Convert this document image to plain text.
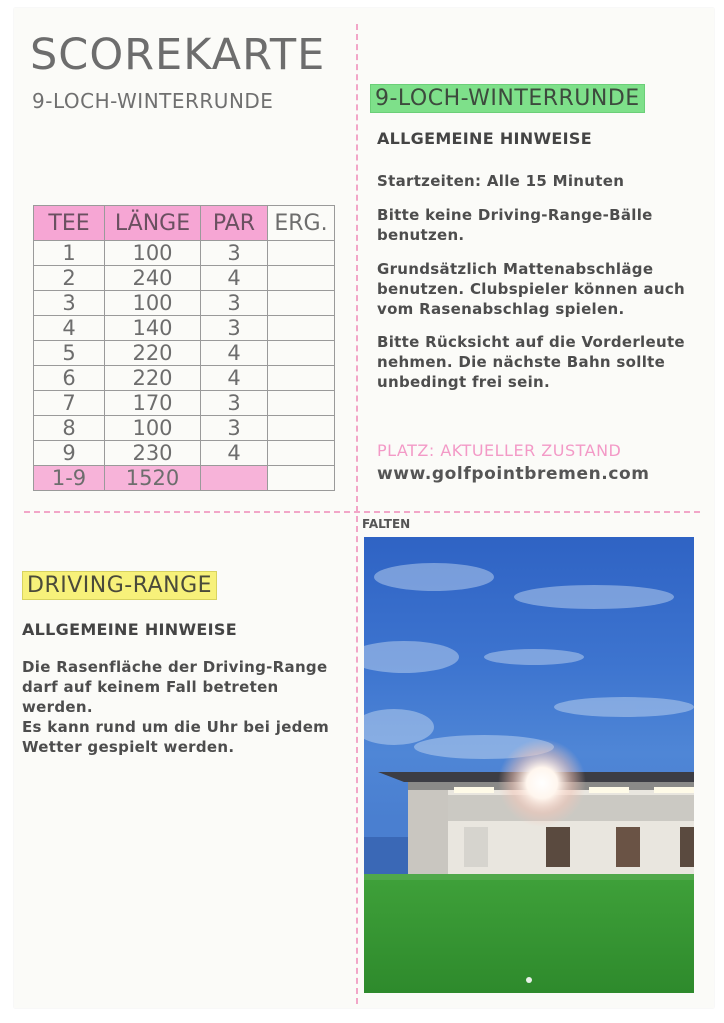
SCOREKARTE
9-LOCH-WINTERRUNDE
TEE	LÄNGE	PAR	ERG.
1	100	3	
2	240	4	
3	100	3	
4	140	3	
5	220	4	
6	220	4	
7	170	3	
8	100	3	
9	230	4	
1-9	1520		
9-LOCH-WINTERRUNDE
ALLGEMEINE HINWEISE
Startzeiten: Alle 15 Minuten
Bitte keine Driving-Range-Bälle
benutzen.
Grundsätzlich Mattenabschläge
benutzen. Clubspieler können auch
vom Rasenabschlag spielen.
Bitte Rücksicht auf die Vorderleute
nehmen. Die nächste Bahn sollte
unbedingt frei sein.
PLATZ: AKTUELLER ZUSTAND
www.golfpointbremen.com
FALTEN
DRIVING-RANGE
ALLGEMEINE HINWEISE
Die Rasenfläche der Driving-Range
darf auf keinem Fall betreten werden.
Es kann rund um die Uhr bei jedem
Wetter gespielt werden.
